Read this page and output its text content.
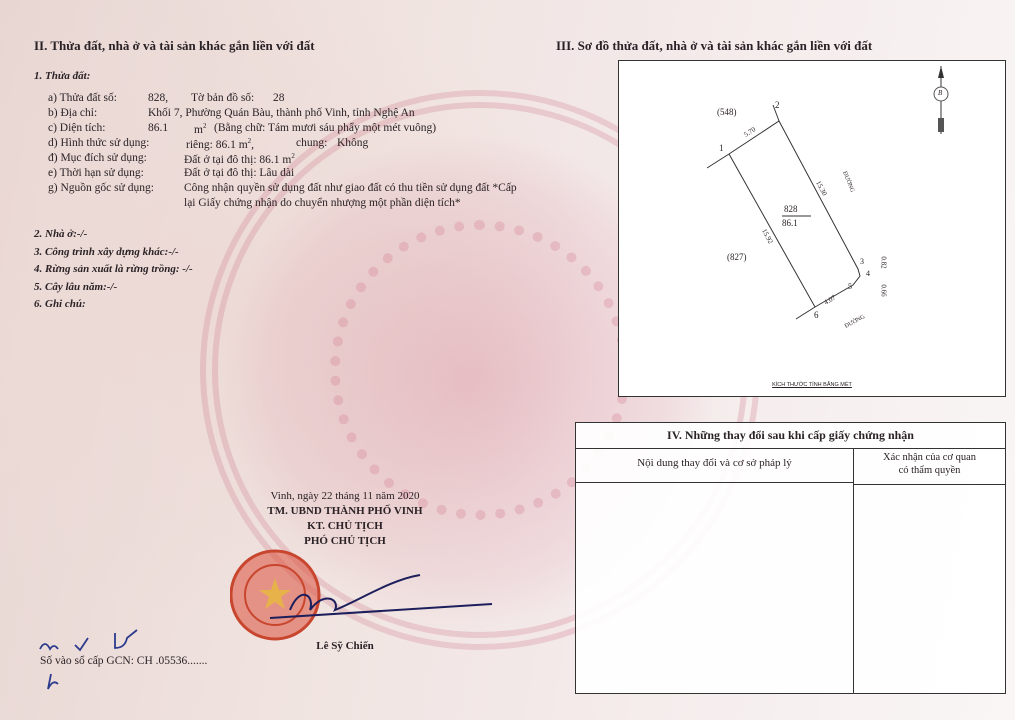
II. Thửa đất, nhà ở và tài sản khác gắn liền với đất
1. Thửa đất:
a) Thửa đất số:	828, Tờ bản đồ số: 28
b) Địa chỉ:	Khối 7, Phường Quán Bàu, thành phố Vinh, tỉnh Nghệ An
c) Diện tích:	86.1 $m^2$ (Bằng chữ: Tám mươi sáu phẩy một mét vuông)
d) Hình thức sử dụng:	riêng: 86.1 $m^2$,	chung: Không
đ) Mục đích sử dụng:	Đất ở tại đô thị: 86.1 $m^2$
e) Thời hạn sử dụng:	Đất ở tại đô thị: Lâu dài
g) Nguồn gốc sử dụng:	Công nhận quyền sử dụng đất như giao đất có thu tiền sử dụng đất *Cấp
lại Giấy chứng nhận do chuyển nhượng một phần diện tích*
2. Nhà ở:-/-
3. Công trình xây dựng khác:-/-
4. Rừng sản xuất là rừng trồng: -/-
5. Cây lâu năm:-/-
6. Ghi chú:
Vinh, ngày 22 tháng 11 năm 2020
TM. UBND THÀNH PHỐ VINH
KT. CHỦ TỊCH
PHÓ CHỦ TỊCH
Lê Sỹ Chiến
Số vào sổ cấp GCN: CH .05536.......
III. Sơ đồ thửa đất, nhà ở và tài sản khác gắn liền với đất
828
86.1
(548)
(827)
ĐƯỜNG
ĐƯỜNG
1
2
3
4
5
6
5.70
15.30
0.82
0.66
4.07
15.92
B
KÍCH THƯỚC TÍNH BẰNG MÉT
IV. Những thay đổi sau khi cấp giấy chứng nhận
Nội dung thay đổi và cơ sở pháp lý	Xác nhận của cơ quan
có thẩm quyền
